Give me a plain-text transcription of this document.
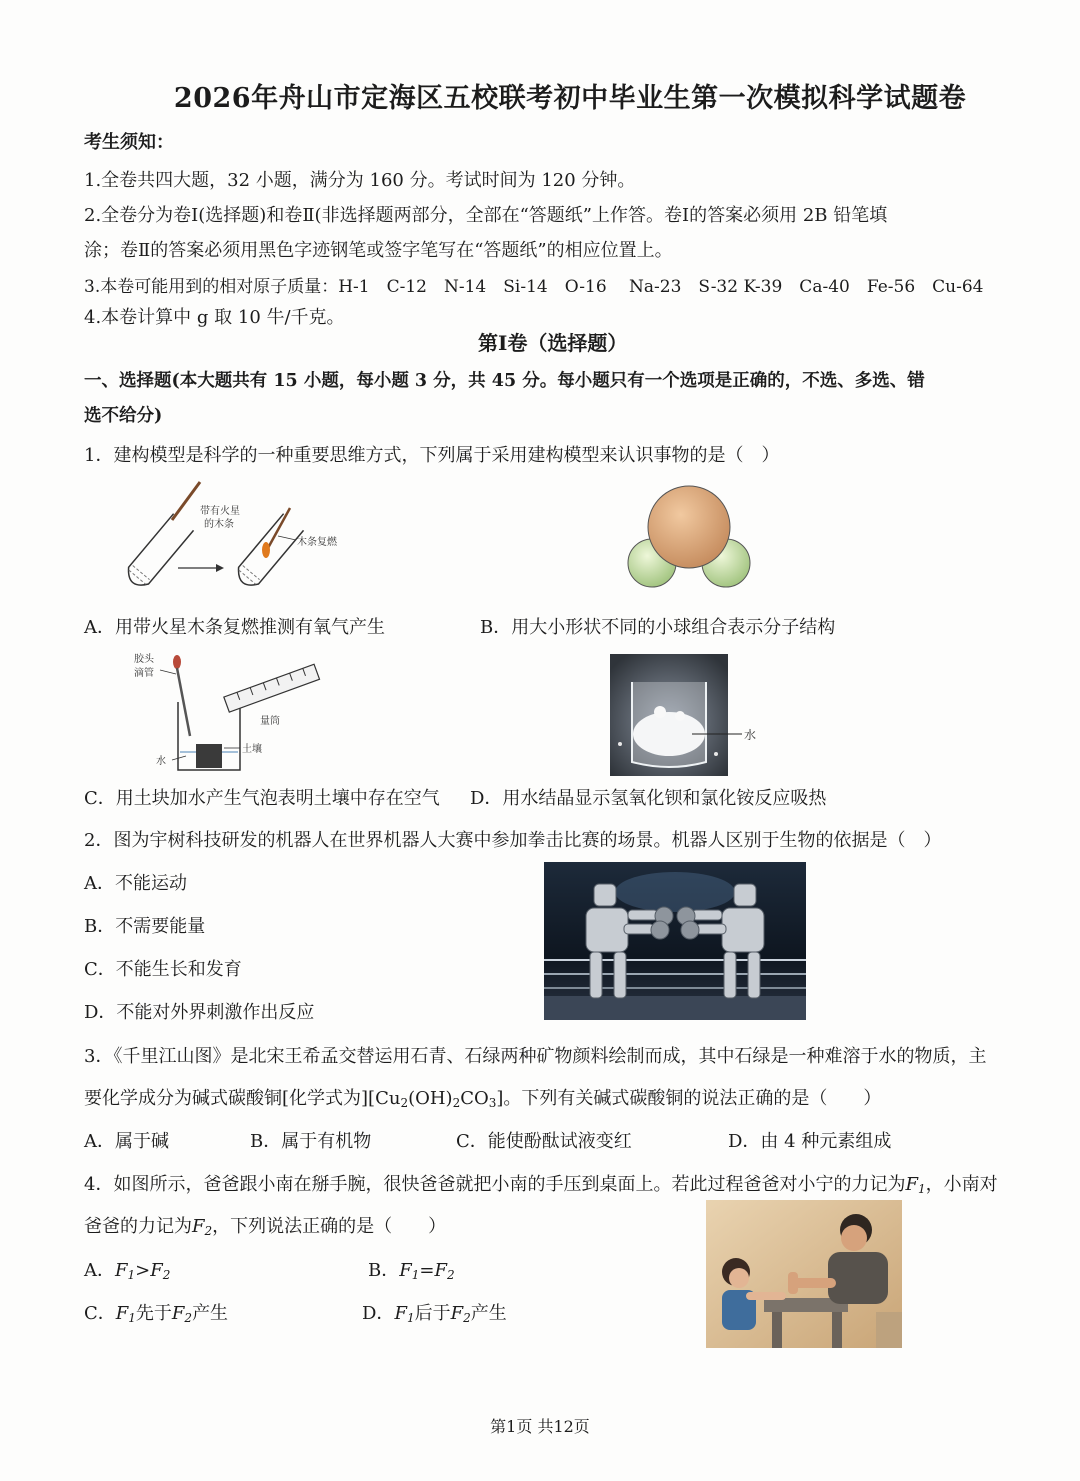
2026年舟山市定海区五校联考初中毕业生第一次模拟科学试题卷
考生须知：
1.全卷共四大题，32 小题，满分为 160 分。考试时间为 120 分钟。
2.全卷分为卷Ⅰ(选择题)和卷Ⅱ(非选择题两部分，全部在“答题纸”上作答。卷Ⅰ的答案必须用 2B 铅笔填
涂；卷Ⅱ的答案必须用黑色字迹钢笔或签字笔写在“答题纸”的相应位置上。
3.本卷可能用到的相对原子质量：H-1　C-12　N-14　Si-14　O-16　 Na-23　S-32 K-39　Ca-40　Fe-56　Cu-64
4.本卷计算中 g 取 10 牛/千克。
第Ⅰ卷（选择题）
一、选择题(本大题共有 15 小题，每小题 3 分，共 45 分。每小题只有一个选项是正确的，不选、多选、错
选不给分)
1．建构模型是科学的一种重要思维方式，下列属于采用建构模型来认识事物的是（　）
带有火星
的木条
木条复燃
A．用带火星木条复燃推测有氧气产生	B．用大小形状不同的小球组合表示分子结构
胶头
滴管
量筒
土壤
水
水
C．用土块加水产生气泡表明土壤中存在空气 D．用水结晶显示氢氧化钡和氯化铵反应吸热
2．图为宇树科技研发的机器人在世界机器人大赛中参加拳击比赛的场景。机器人区别于生物的依据是（　）
A．不能运动
B．不需要能量
C．不能生长和发育
D．不能对外界刺激作出反应
3．《千里江山图》是北宋王希孟交替运用石青、石绿两种矿物颜料绘制而成，其中石绿是一种难溶于水的物质，主
要化学成分为碱式碳酸铜[化学式为]$[Cu_2(OH)_2CO_3]$。下列有关碱式碳酸铜的说法正确的是（　　）
A．属于碱	B．属于有机物	C．能使酚酞试液变红	D．由 4 种元素组成
4．如图所示，爸爸跟小南在掰手腕，很快爸爸就把小南的手压到桌面上。若此过程爸爸对小宁的力记为$F_1$，小南对
爸爸的力记为$F_2$，下列说法正确的是（　　）
A．$F_1>F_2$	B．$F_1=F_2$
C．$F_1$先于$F_2$产生	D．$F_1$后于$F_2$产生
第1页 共12页
